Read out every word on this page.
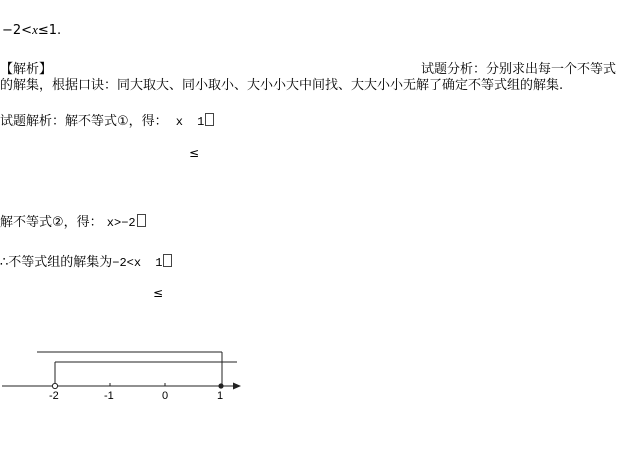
−2<x≤1.
【解析】	试题分析：分别求出每一个不等式
的解集，根据口诀：同大取大、同小取小、大小小大中间找、大大小小无解了确定不等式组的解集.
试题解析：解不等式①，得： x 1
≤
解不等式②，得： x>−2
∴不等式组的解集为−2<x 1
≤
-2	-1	0	1
